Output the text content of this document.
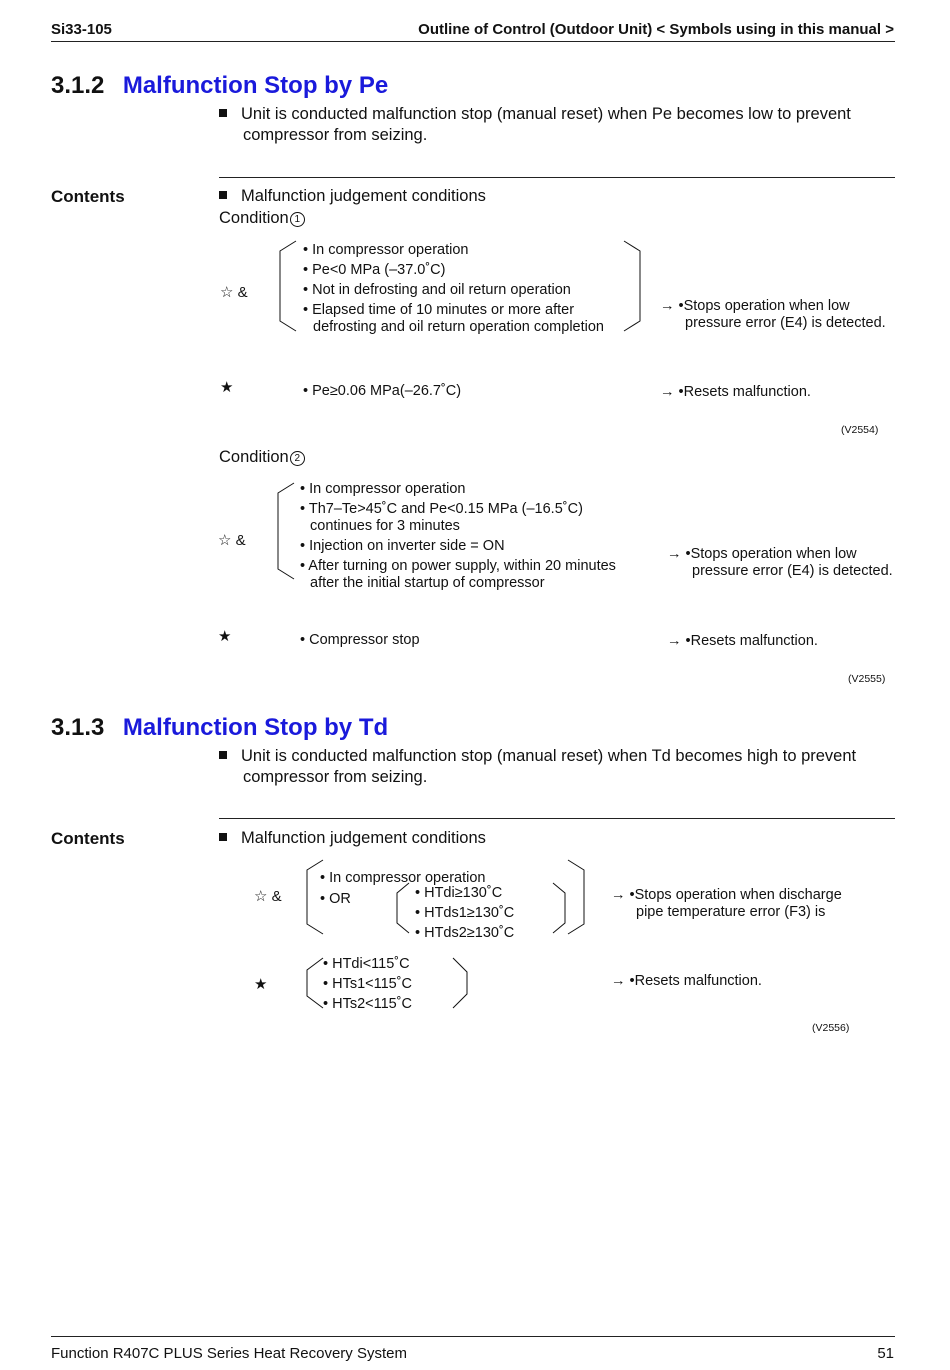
Si33-105	Outline of Control (Outdoor Unit) < Symbols using in this manual >
3.1.2 Malfunction Stop by Pe
Unit is conducted malfunction stop (manual reset) when Pe becomes low to prevent
compressor from seizing.
Contents	Malfunction judgement conditions
Condition 1
☆ &
• In compressor operation
• Pe<0 MPa (–37.0˚C)
• Not in defrosting and oil return operation
• Elapsed time of 10 minutes or more after
defrosting and oil return operation completion
→ •Stops operation when low
pressure error (E4) is detected.
★	• Pe≥0.06 MPa(–26.7˚C)	→ •Resets malfunction.
(V2554)
Condition 2
☆ &
• In compressor operation
• Th7–Te>45˚C and Pe<0.15 MPa (–16.5˚C)
continues for 3 minutes
• Injection on inverter side = ON
• After turning on power supply, within 20 minutes
after the initial startup of compressor
→ •Stops operation when low
pressure error (E4) is detected.
★	• Compressor stop	→ •Resets malfunction.
(V2555)
3.1.3 Malfunction Stop by Td
Unit is conducted malfunction stop (manual reset) when Td becomes high to prevent
compressor from seizing.
Contents	Malfunction judgement conditions
☆ &
• In compressor operation
• OR	• HTdi≥130˚C
• HTds1≥130˚C
• HTds2≥130˚C
→ •Stops operation when discharge
pipe temperature error (F3) is
★
• HTdi<115˚C
• HTs1<115˚C
• HTs2<115˚C
→ •Resets malfunction.
(V2556)
Function R407C PLUS Series Heat Recovery System	51
